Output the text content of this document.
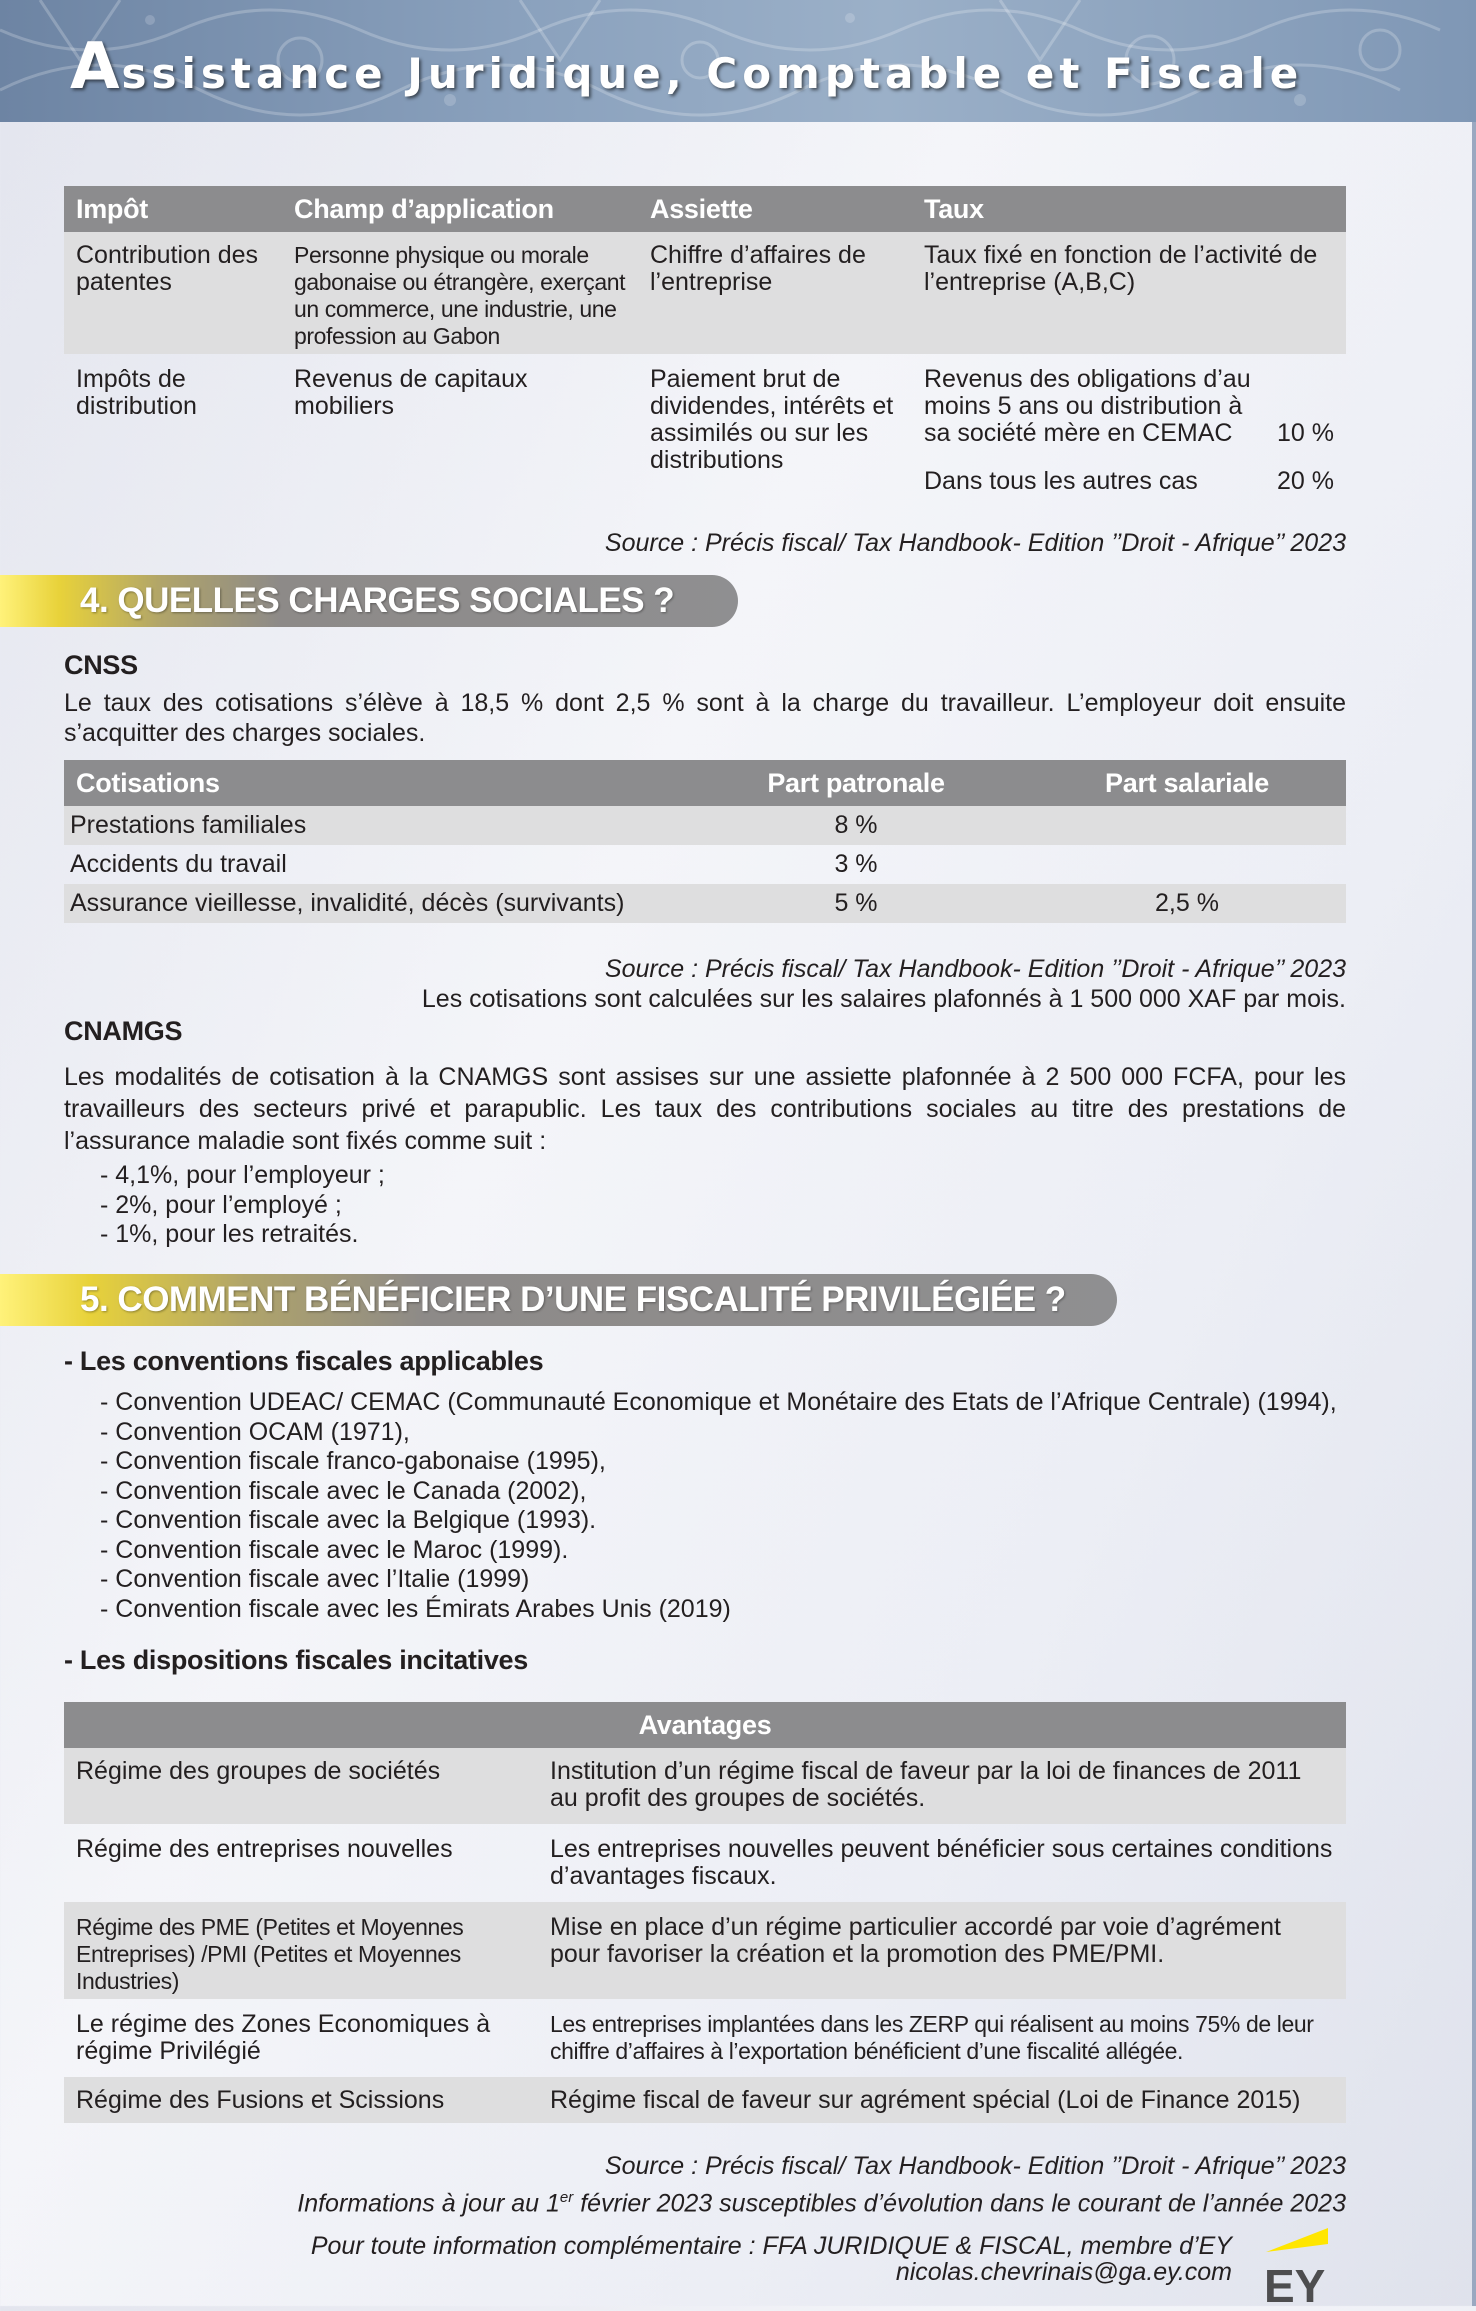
Assistance Juridique, Comptable et Fiscale
Impôt	Champ d’application	Assiette	Taux
Contribution des patentes	Personne physique ou morale gabonaise ou étrangère, exerçant un commerce, une industrie, une profession au Gabon	Chiffre d’affaires de l’entreprise	Taux fixé en fonction de l’activité de l’entreprise (A,B,C)
Impôts de distribution	Revenus de capitaux mobiliers	Paiement brut de dividendes, intérêts et assimilés ou sur les distributions	Revenus des obligations d’au moins 5 ans ou distribution à sa société mère en CEMAC 10 %
Dans tous les autres cas 20 %
Source : Précis fiscal/ Tax Handbook- Edition ’’Droit - Afrique’’ 2023
4. QUELLES CHARGES SOCIALES ?
CNSS

Le taux des cotisations s’élève à 18,5 % dont 2,5 % sont à la charge du travailleur. L’employeur doit ensuite s’acquitter des charges sociales.

Cotisations	Part patronale	Part salariale
Prestations familiales	8 %	
Accidents du travail	3 %	
Assurance vieillesse, invalidité, décès (survivants)	5 %	2,5 %
Source : Précis fiscal/ Tax Handbook- Edition ’’Droit - Afrique’’ 2023
Les cotisations sont calculées sur les salaires plafonnés à 1 500 000 XAF par mois.
CNAMGS

Les modalités de cotisation à la CNAMGS sont assises sur une assiette plafonnée à 2 500 000 FCFA, pour les travailleurs des secteurs privé et parapublic. Les taux des contributions sociales au titre des prestations de l’assurance maladie sont fixés comme suit :

- 4,1%, pour l’employeur ;
- 2%, pour l’employé ;
- 1%, pour les retraités.
5. COMMENT BÉNÉFICIER D’UNE FISCALITÉ PRIVILÉGIÉE ?
- Les conventions fiscales applicables
- Convention UDEAC/ CEMAC (Communauté Economique et Monétaire des Etats de l’Afrique Centrale) (1994),
- Convention OCAM (1971),
- Convention fiscale franco-gabonaise (1995),
- Convention fiscale avec le Canada (2002),
- Convention fiscale avec la Belgique (1993).
- Convention fiscale avec le Maroc (1999).
- Convention fiscale avec l’Italie (1999)
- Convention fiscale avec les Émirats Arabes Unis (2019)
- Les dispositions fiscales incitatives
Avantages	
Régime des groupes de sociétés	Institution d’un régime fiscal de faveur par la loi de finances de 2011 au profit des groupes de sociétés.
Régime des entreprises nouvelles	Les entreprises nouvelles peuvent bénéficier sous certaines conditions d’avantages fiscaux.
Régime des PME (Petites et Moyennes Entreprises) /PMI (Petites et Moyennes Industries)	Mise en place d’un régime particulier accordé par voie d’agrément pour favoriser la création et la promotion des PME/PMI.
Le régime des Zones Economiques à régime Privilégié	Les entreprises implantées dans les ZERP qui réalisent au moins 75% de leur chiffre d’affaires à l’exportation bénéficient d’une fiscalité allégée.
Régime des Fusions et Scissions	Régime fiscal de faveur sur agrément spécial (Loi de Finance 2015)
Source : Précis fiscal/ Tax Handbook- Edition ’’Droit - Afrique’’ 2023
Informations à jour au 1er février 2023 susceptibles d’évolution dans le courant de l’année 2023
Pour toute information complémentaire : FFA JURIDIQUE & FISCAL, membre d’EY
nicolas.chevrinais@ga.ey.com EY
